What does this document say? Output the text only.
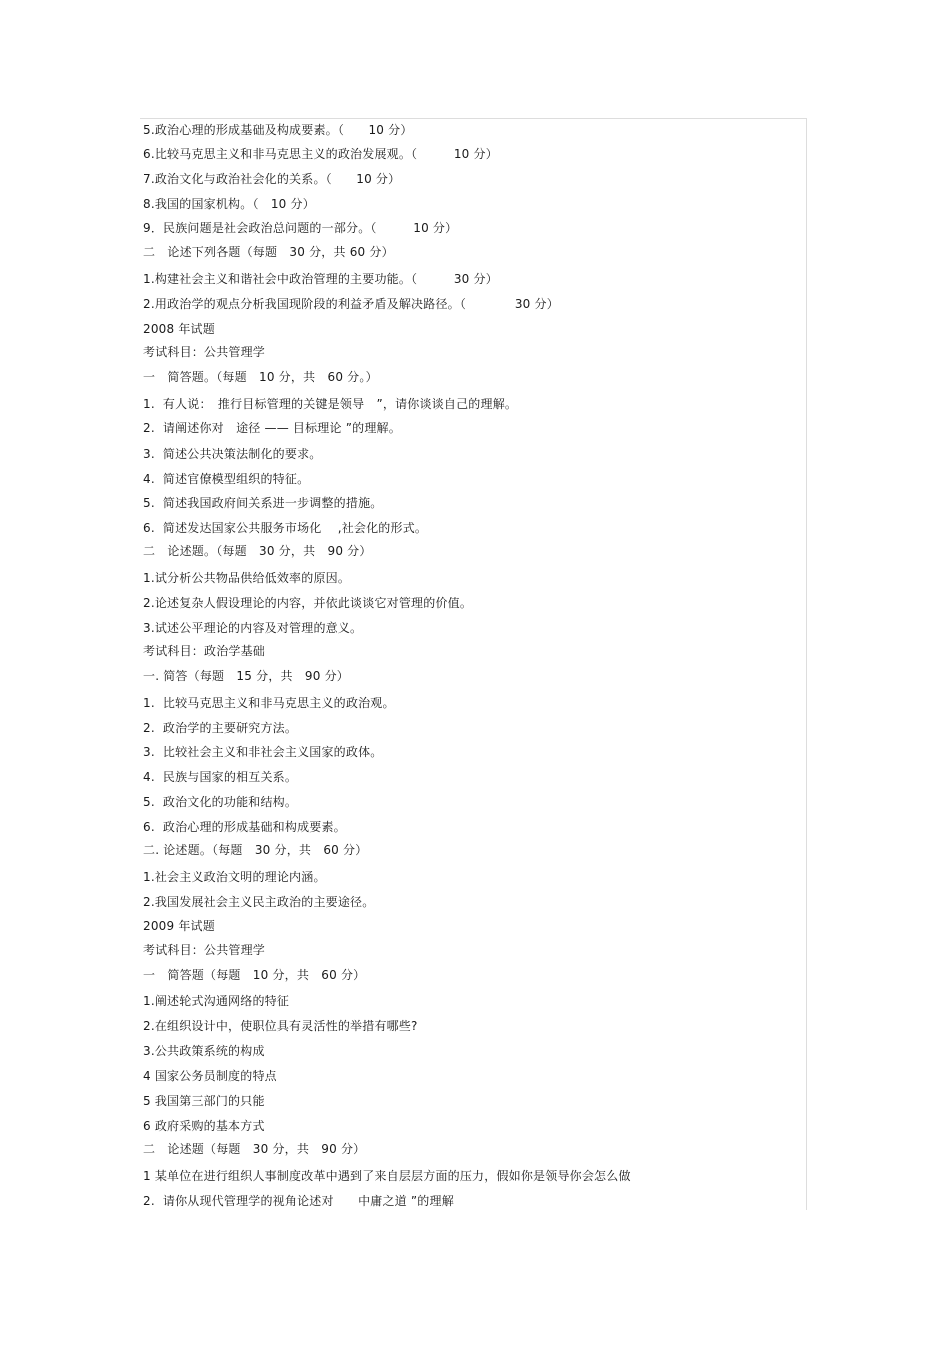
5.政治心理的形成基础及构成要素。（　　10 分）
6.比较马克思主义和非马克思主义的政治发展观。（　　　10 分）
7.政治文化与政治社会化的关系。（　　10 分）
8.我国的国家机构。（　10 分）
9．民族问题是社会政治总问题的一部分。（　　　10 分）
二　论述下列各题（每题　30 分，共 60 分）
1.构建社会主义和谐社会中政治管理的主要功能。（　　　30 分）
2.用政治学的观点分析我国现阶段的利益矛盾及解决路径。（　　　　30 分）
2008 年试题
考试科目：公共管理学
一　简答题。（每题　10 分，共　60 分。）
1.  有人说：　推行目标管理的关键是领导　”，请你谈谈自己的理解。
2.  请阐述你对　途径 —— 目标理论 ”的理解。
3.  简述公共决策法制化的要求。
4.  简述官僚模型组织的特征。
5.  简述我国政府间关系进一步调整的措施。
6.  简述发达国家公共服务市场化　 ,社会化的形式。
二　论述题。（每题　30 分，共　90 分）
1.试分析公共物品供给低效率的原因。
2.论述复杂人假设理论的内容，并依此谈谈它对管理的价值。
3.试述公平理论的内容及对管理的意义。
考试科目：政治学基础
一. 简答（每题　15 分，共　90 分）
1.  比较马克思主义和非马克思主义的政治观。
2.  政治学的主要研究方法。
3.  比较社会主义和非社会主义国家的政体。
4.  民族与国家的相互关系。
5.  政治文化的功能和结构。
6.  政治心理的形成基础和构成要素。
二. 论述题。（每题　30 分，共　60 分）
1.社会主义政治文明的理论内涵。
2.我国发展社会主义民主政治的主要途径。
2009 年试题
考试科目：公共管理学
一　简答题（每题　10 分，共　60 分）
1.阐述轮式沟通网络的特征
2.在组织设计中，使职位具有灵活性的举措有哪些?
3.公共政策系统的构成
4 国家公务员制度的特点
5 我国第三部门的只能
6 政府采购的基本方式
二　论述题（每题　30 分，共　90 分）
1 某单位在进行组织人事制度改革中遇到了来自层层方面的压力，假如你是领导你会怎么做
2.  请你从现代管理学的视角论述对　　中庸之道 ”的理解
